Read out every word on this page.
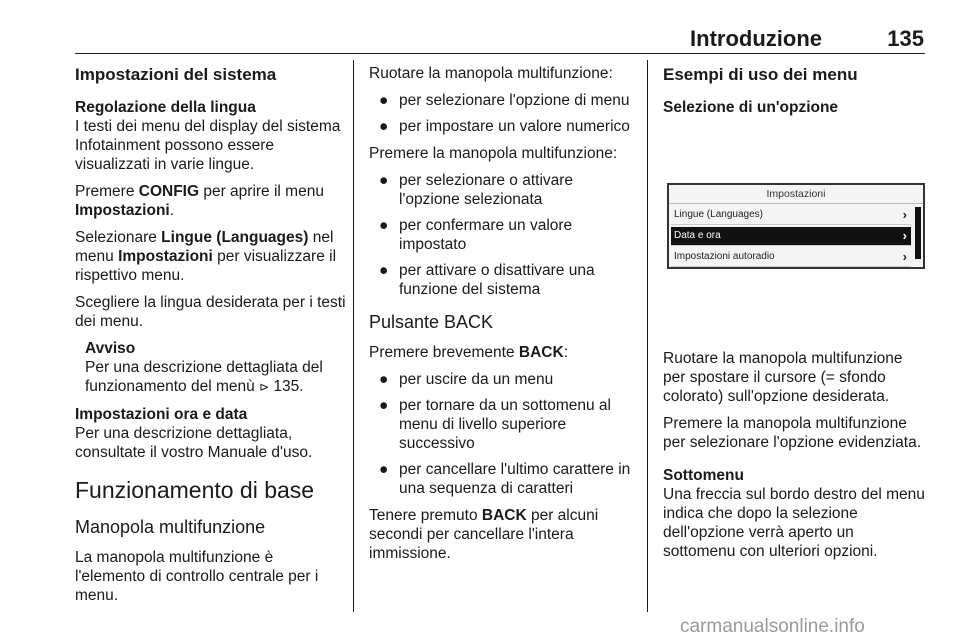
Introduzione	135
Impostazioni del sistema
Regolazione della lingua

I testi dei menu del display del sistema Infotainment possono essere visualizzati in varie lingue.

Premere CONFIG per aprire il menu Impostazioni.

Selezionare Lingue (Languages) nel menu Impostazioni per visualizzare il rispettivo menu.

Scegliere la lingua desiderata per i testi dei menu.

Avviso
Per una descrizione dettagliata del funzionamento del menù ⊳ 135.
Impostazioni ora e data

Per una descrizione dettagliata, consultate il vostro Manuale d'uso.

Funzionamento di base
Manopola multifunzione

La manopola multifunzione è l'elemento di controllo centrale per i menu.

Ruotare la manopola multifunzione:

● per selezionare l'opzione di menu
● per impostare un valore numerico

Premere la manopola multifunzione:

● per selezionare o attivare l'opzione selezionata
● per confermare un valore impostato
● per attivare o disattivare una funzione del sistema
Pulsante BACK

Premere brevemente BACK:

● per uscire da un menu
● per tornare da un sottomenu al menu di livello superiore successivo
● per cancellare l'ultimo carattere in una sequenza di caratteri

Tenere premuto BACK per alcuni secondi per cancellare l'intera immissione.

Esempi di uso dei menu
Selezione di un'opzione
Impostazioni
Lingue (Languages)	›
Data e ora	›
Impostazioni autoradio	›

Ruotare la manopola multifunzione per spostare il cursore (= sfondo colorato) sull'opzione desiderata.

Premere la manopola multifunzione per selezionare l'opzione evidenziata.

Sottomenu

Una freccia sul bordo destro del menu indica che dopo la selezione dell'opzione verrà aperto un sottomenu con ulteriori opzioni.

carmanualsonline.info
